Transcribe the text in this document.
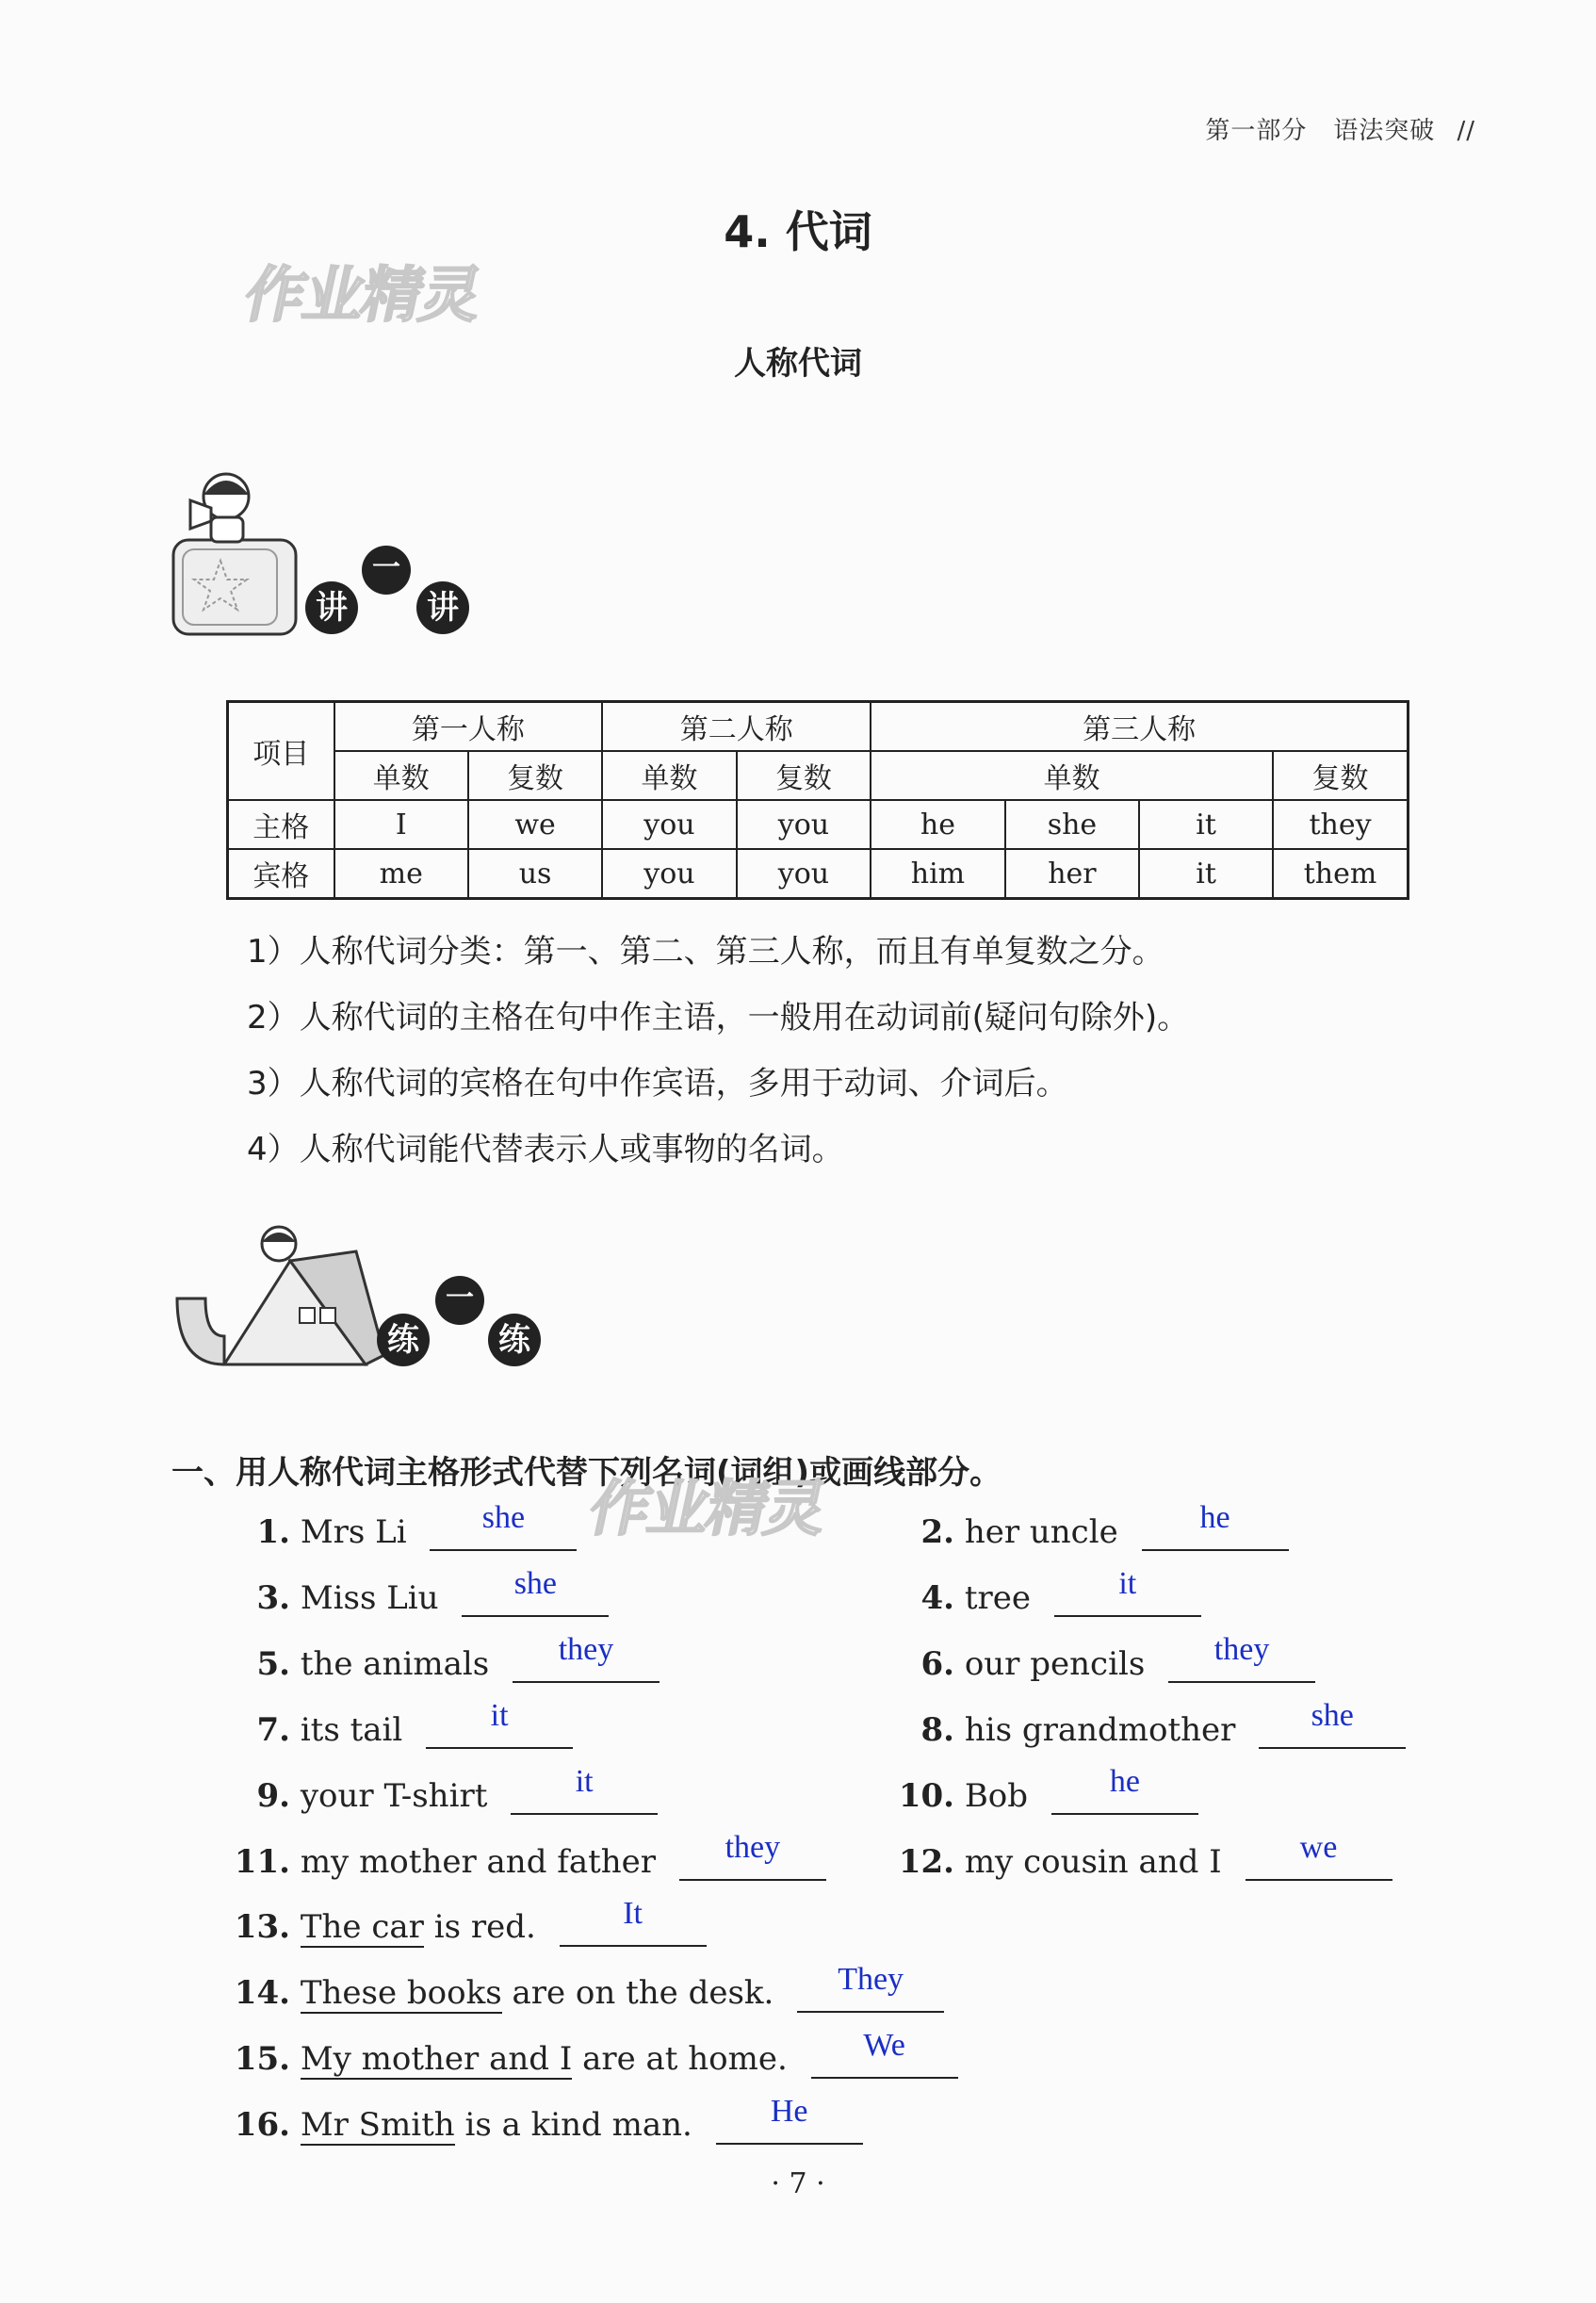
第一部分 语法突破 //
作业精灵
4. 代词
人称代词
讲
一
讲
项目	第一人称		第二人称		第三人称			
	单数	复数	单数	复数	单数			复数
主格	I	we	you	you	he	she	it	they
宾格	me	us	you	you	him	her	it	them
1）人称代词分类：第一、第二、第三人称，而且有单复数之分。
2）人称代词的主格在句中作主语，一般用在动词前(疑问句除外)。
3）人称代词的宾格在句中作宾语，多用于动词、介词后。
4）人称代词能代替表示人或事物的名词。
练
一
练
一、用人称代词主格形式代替下列名词(词组)或画线部分。
作业精灵
1. Mrs Li	she	2. her uncle	he
3. Miss Liu	she	4. tree	it
5. the animals	they	6. our pencils	they
7. its tail	it	8. his grandmother	she
9. your T-shirt	it	10. Bob	he
11. my mother and father	they	12. my cousin and I	we
13. The car is red.	It
14. These books are on the desk.	They
15. My mother and I are at home.	We
16. Mr Smith is a kind man.	He
· 7 ·
